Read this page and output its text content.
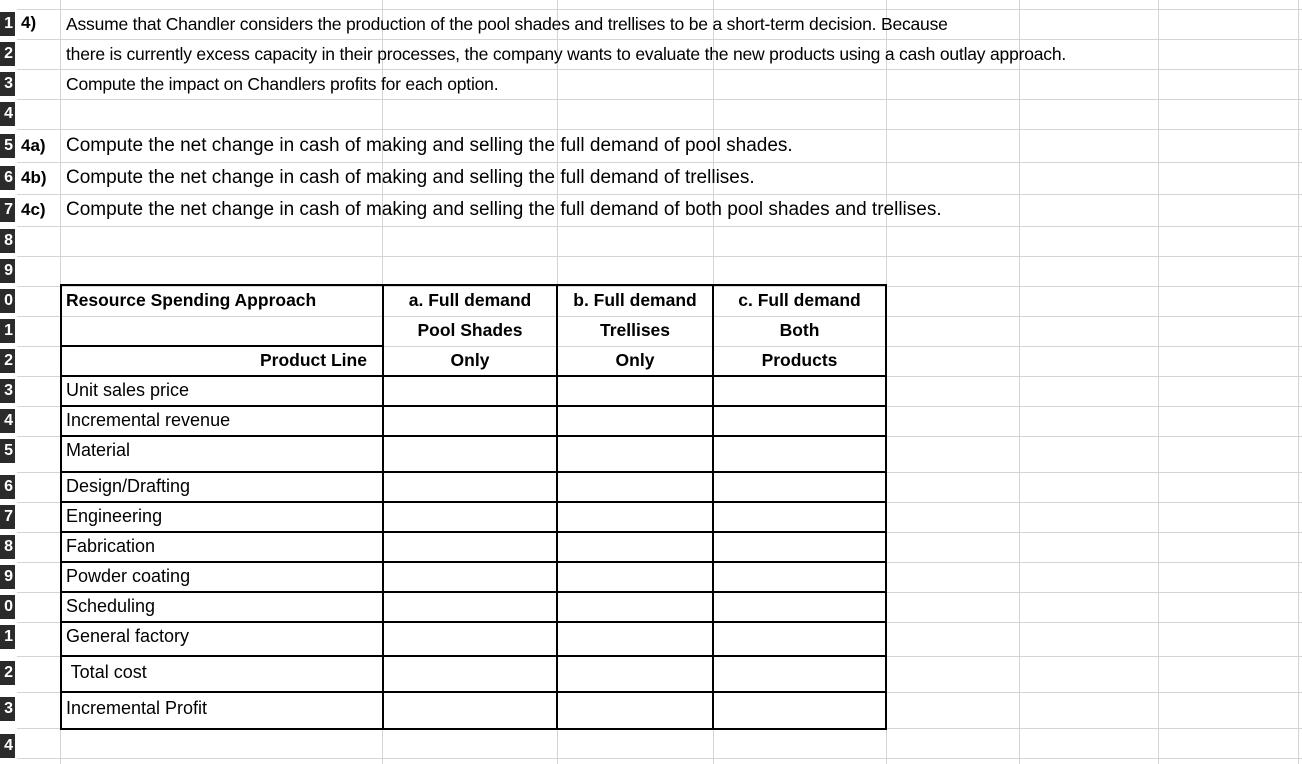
1
2
3
4
5
6
7
8
9
0
1
2
3
4
5
6
7
8
9
0
1
2
3
4
4) Assume that Chandler considers the production of the pool shades and trellises to be a short-term decision. Because
there is currently excess capacity in their processes, the company wants to evaluate the new products using a cash outlay approach.
Compute the impact on Chandlers profits for each option.
4a) Compute the net change in cash of making and selling the full demand of pool shades.
4b) Compute the net change in cash of making and selling the full demand of trellises.
4c) Compute the net change in cash of making and selling the full demand of both pool shades and trellises.
Resource Spending Approach
Product Line
a. Full demand
Pool Shades
Only
b. Full demand
Trellises
Only
c. Full demand
Both
Products
Unit sales price
Incremental revenue
Material
Design/Drafting
Engineering
Fabrication
Powder coating
Scheduling
General factory
Total cost
Incremental Profit
